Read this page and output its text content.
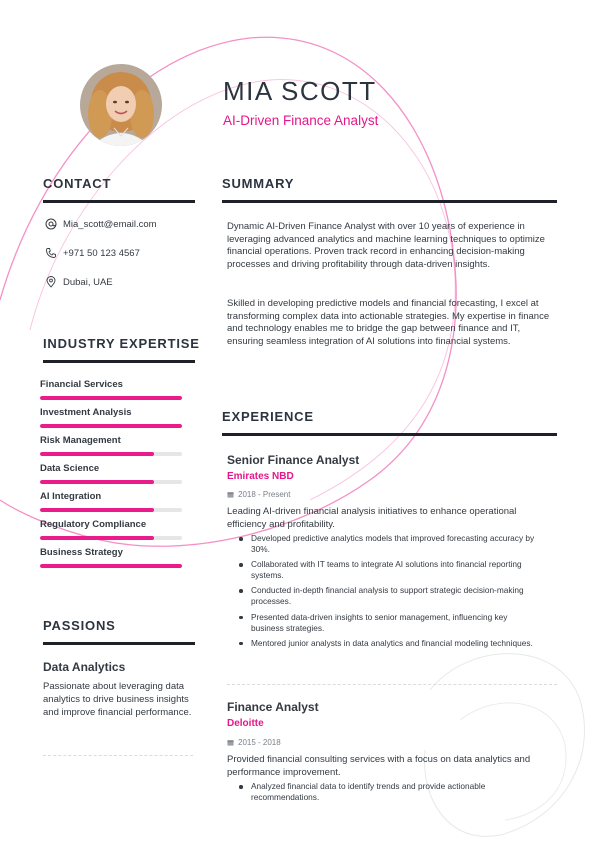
MIA SCOTT
AI-Driven Finance Analyst
CONTACT
Mia_scott@email.com
+971 50 123 4567
Dubai, UAE
INDUSTRY EXPERTISE
Financial Services
Investment Analysis
Risk Management
Data Science
AI Integration
Regulatory Compliance
Business Strategy
PASSIONS
Data Analytics
Passionate about leveraging data analytics to drive business insights and improve financial performance.
SUMMARY
Dynamic AI-Driven Finance Analyst with over 10 years of experience in leveraging advanced analytics and machine learning techniques to optimize financial operations. Proven track record in enhancing decision-making processes and driving profitability through data-driven insights.
Skilled in developing predictive models and financial forecasting, I excel at transforming complex data into actionable strategies. My expertise in finance and technology enables me to bridge the gap between finance and IT, ensuring seamless integration of AI solutions into financial systems.
EXPERIENCE
Senior Finance Analyst
Emirates NBD
2018 - Present
Leading AI-driven financial analysis initiatives to enhance operational efficiency and profitability.
Developed predictive analytics models that improved forecasting accuracy by 30%.
Collaborated with IT teams to integrate AI solutions into financial reporting systems.
Conducted in-depth financial analysis to support strategic decision-making processes.
Presented data-driven insights to senior management, influencing key business strategies.
Mentored junior analysts in data analytics and financial modeling techniques.
Finance Analyst
Deloitte
2015 - 2018
Provided financial consulting services with a focus on data analytics and performance improvement.
Analyzed financial data to identify trends and provide actionable recommendations.
